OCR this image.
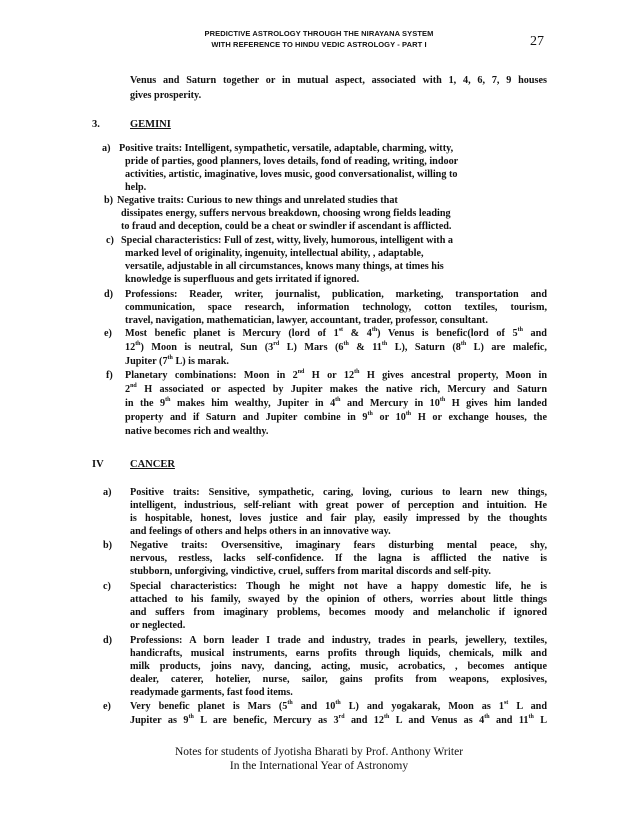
PREDICTIVE ASTROLOGY THROUGH THE NIRAYANA SYSTEM
WITH REFERENCE TO HINDU VEDIC ASTROLOGY - PART I	27
Venus and Saturn together or in mutual aspect, associated with 1, 4, 6, 7, 9 houses
gives prosperity.
3.	GEMINI
a) Positive traits: Intelligent, sympathetic, versatile, adaptable, charming, witty,
pride of parties, good planners, loves details, fond of reading, writing, indoor
activities, artistic, imaginative, loves music, good conversationalist, willing to
help.
b) Negative traits: Curious to new things and unrelated studies that
dissipates energy, suffers nervous breakdown, choosing wrong fields leading
to fraud and deception, could be a cheat or swindler if ascendant is afflicted.
c) Special characteristics: Full of zest, witty, lively, humorous, intelligent with a
marked level of originality, ingenuity, intellectual ability, , adaptable,
versatile, adjustable in all circumstances, knows many things, at times his
knowledge is superfluous and gets irritated if ignored.
d) Professions: Reader, writer, journalist, publication, marketing, transportation and
communication, space research, information technology, cotton textiles, tourism,
travel, navigation, mathematician, lawyer, accountant, trader, professor, consultant.
e) Most benefic planet is Mercury (lord of 1st & 4th) Venus is benefic(lord of 5th and
12th) Moon is neutral, Sun (3rd L) Mars (6th & 11th L), Saturn (8th L) are malefic,
Jupiter (7th L) is marak.
f) Planetary combinations: Moon in 2nd H or 12th H gives ancestral property, Moon in
2nd H associated or aspected by Jupiter makes the native rich, Mercury and Saturn
in the 9th makes him wealthy, Jupiter in 4th and Mercury in 10th H gives him landed
property and if Saturn and Jupiter combine in 9th or 10th H or exchange houses, the
native becomes rich and wealthy.
IV	CANCER
a) Positive traits: Sensitive, sympathetic, caring, loving, curious to learn new things,
intelligent, industrious, self-reliant with great power of perception and intuition. He
is hospitable, honest, loves justice and fair play, easily impressed by the thoughts
and feelings of others and helps others in an innovative way.
b) Negative traits: Oversensitive, imaginary fears disturbing mental peace, shy,
nervous, restless, lacks self-confidence. If the lagna is afflicted the native is
stubborn, unforgiving, vindictive, cruel, suffers from marital discords and self-pity.
c) Special characteristics: Though he might not have a happy domestic life, he is
attached to his family, swayed by the opinion of others, worries about little things
and suffers from imaginary problems, becomes moody and melancholic if ignored
or neglected.
d) Professions: A born leader I trade and industry, trades in pearls, jewellery, textiles,
handicrafts, musical instruments, earns profits through liquids, chemicals, milk and
milk products, joins navy, dancing, acting, music, acrobatics, , becomes antique
dealer, caterer, hotelier, nurse, sailor, gains profits from weapons, explosives,
readymade garments, fast food items.
e) Very benefic planet is Mars (5th and 10th L) and yogakarak, Moon as 1st L and
Jupiter as 9th L are benefic, Mercury as 3rd and 12th L and Venus as 4th and 11th L
Notes for students of Jyotisha Bharati by Prof. Anthony Writer
In the International Year of Astronomy
